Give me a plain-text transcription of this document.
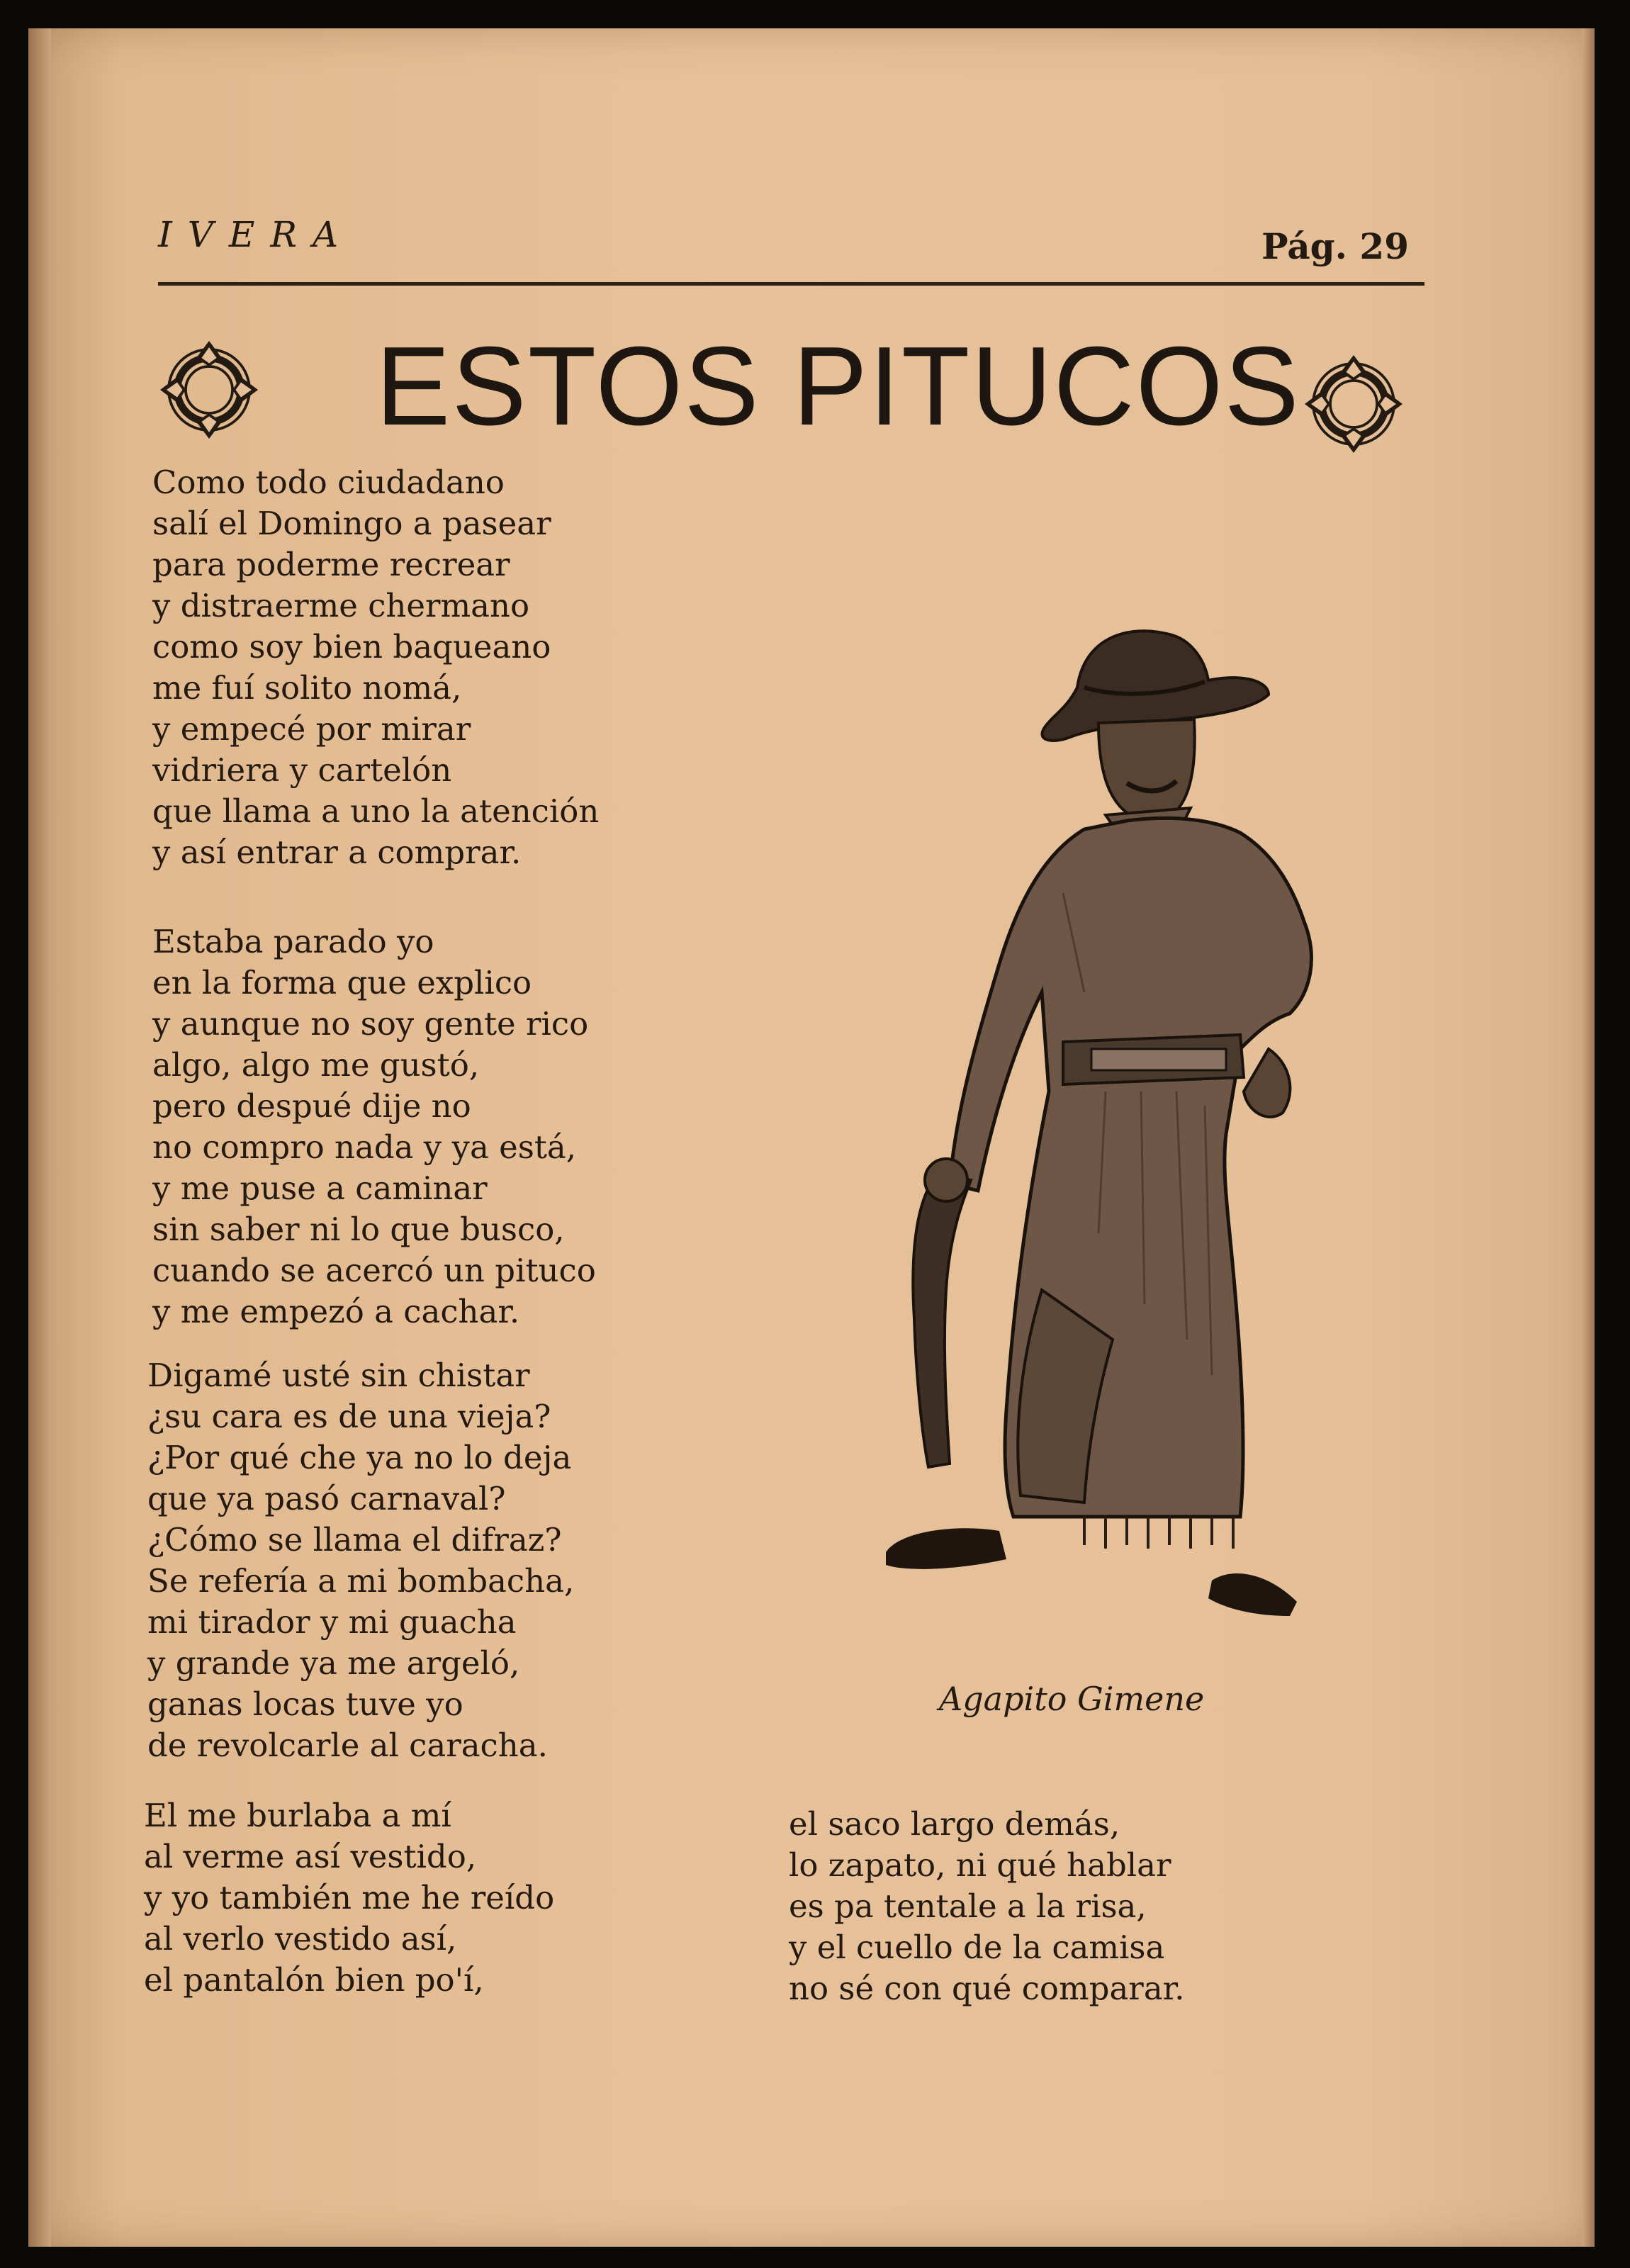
IVERA	Pág. 29
ESTOS PITUCOS
Como todo ciudadano
salí el Domingo a pasear
para poderme recrear
y distraerme chermano
como soy bien baqueano
me fuí solito nomá,
y empecé por mirar
vidriera y cartelón
que llama a uno la atención
y así entrar a comprar.
Estaba parado yo
en la forma que explico
y aunque no soy gente rico
algo, algo me gustó,
pero despué dije no
no compro nada y ya está,
y me puse a caminar
sin saber ni lo que busco,
cuando se acercó un pituco
y me empezó a cachar.
Digamé usté sin chistar
¿su cara es de una vieja?
¿Por qué che ya no lo deja
que ya pasó carnaval?
¿Cómo se llama el difraz?
Se refería a mi bombacha,
mi tirador y mi guacha
y grande ya me argeló,
ganas locas tuve yo
de revolcarle al caracha.
El me burlaba a mí
al verme así vestido,
y yo también me he reído
al verlo vestido así,
el pantalón bien po'í,
el saco largo demás,
lo zapato, ni qué hablar
es pa tentale a la risa,
y el cuello de la camisa
no sé con qué comparar.
Agapito Gimene
